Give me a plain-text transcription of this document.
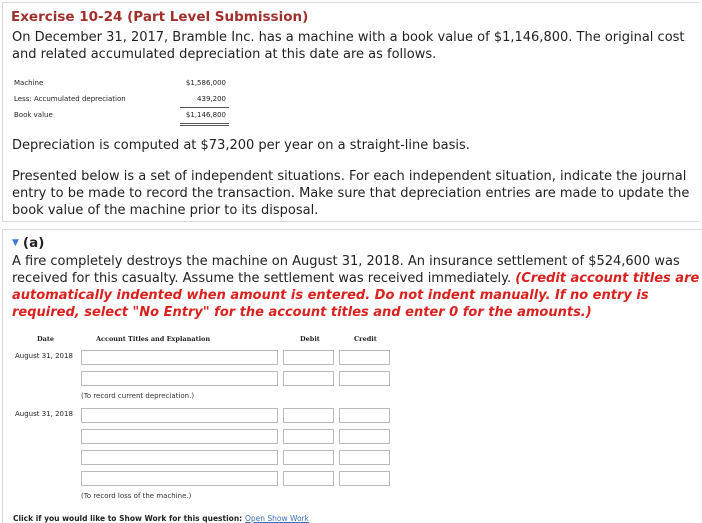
Exercise 10-24 (Part Level Submission)
On December 31, 2017, Bramble Inc. has a machine with a book value of $1,146,800. The original cost and related accumulated depreciation at this date are as follows.
Machine	$1,586,000
Less: Accumulated depreciation	439,200
Book value	$1,146,800
Depreciation is computed at $73,200 per year on a straight-line basis.
Presented below is a set of independent situations. For each independent situation, indicate the journal entry to be made to record the transaction. Make sure that depreciation entries are made to update the book value of the machine prior to its disposal.
▼ (a)
A fire completely destroys the machine on August 31, 2018. An insurance settlement of $524,600 was received for this casualty. Assume the settlement was received immediately. (Credit account titles are automatically indented when amount is entered. Do not indent manually. If no entry is required, select "No Entry" for the account titles and enter 0 for the amounts.)
Date	Account Titles and Explanation	Debit	Credit
August 31, 2018
(To record current depreciation.)
August 31, 2018
(To record loss of the machine.)
Click if you would like to Show Work for this question: Open Show Work
